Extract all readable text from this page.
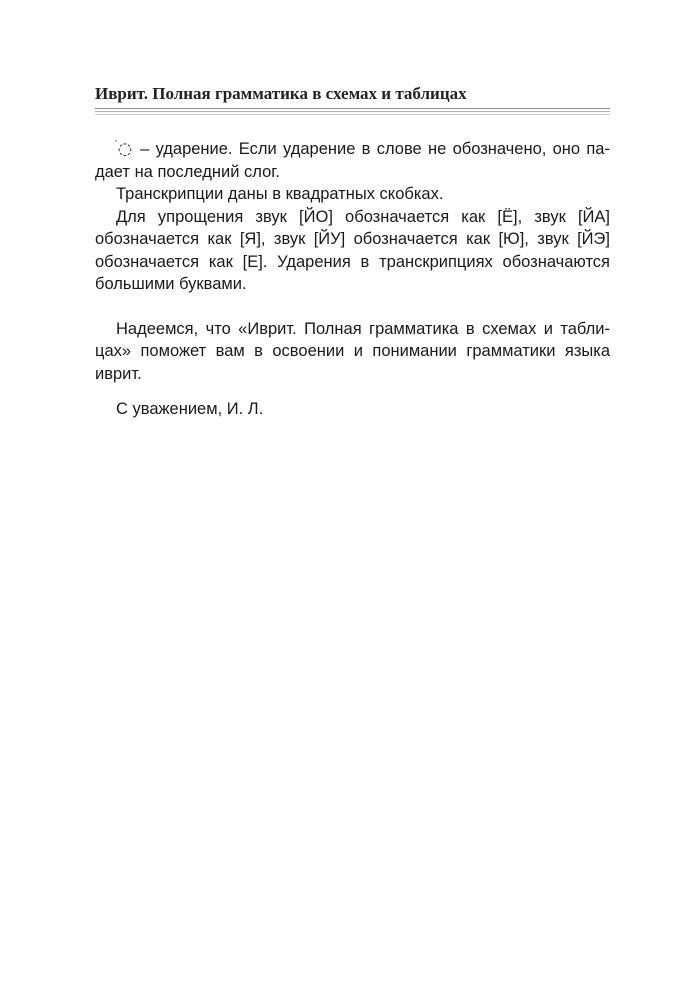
Иврит. Полная грамматика в схемах и таблицах

ׄ◌ – ударение. Если ударение в слове не обозначено, оно падает на последний слог.

Транскрипции даны в квадратных скобках.

Для упрощения звук [ЙО] обозначается как [Ё], звук [ЙА] обозначается как [Я], звук [ЙУ] обозначается как [Ю], звук [ЙЭ] обозначается как [Е]. Ударения в транскрипциях обозначаются большими буквами.

Надеемся, что «Иврит. Полная грамматика в схемах и таблицах» поможет вам в освоении и понимании грамматики языка иврит.

С уважением, И. Л.
